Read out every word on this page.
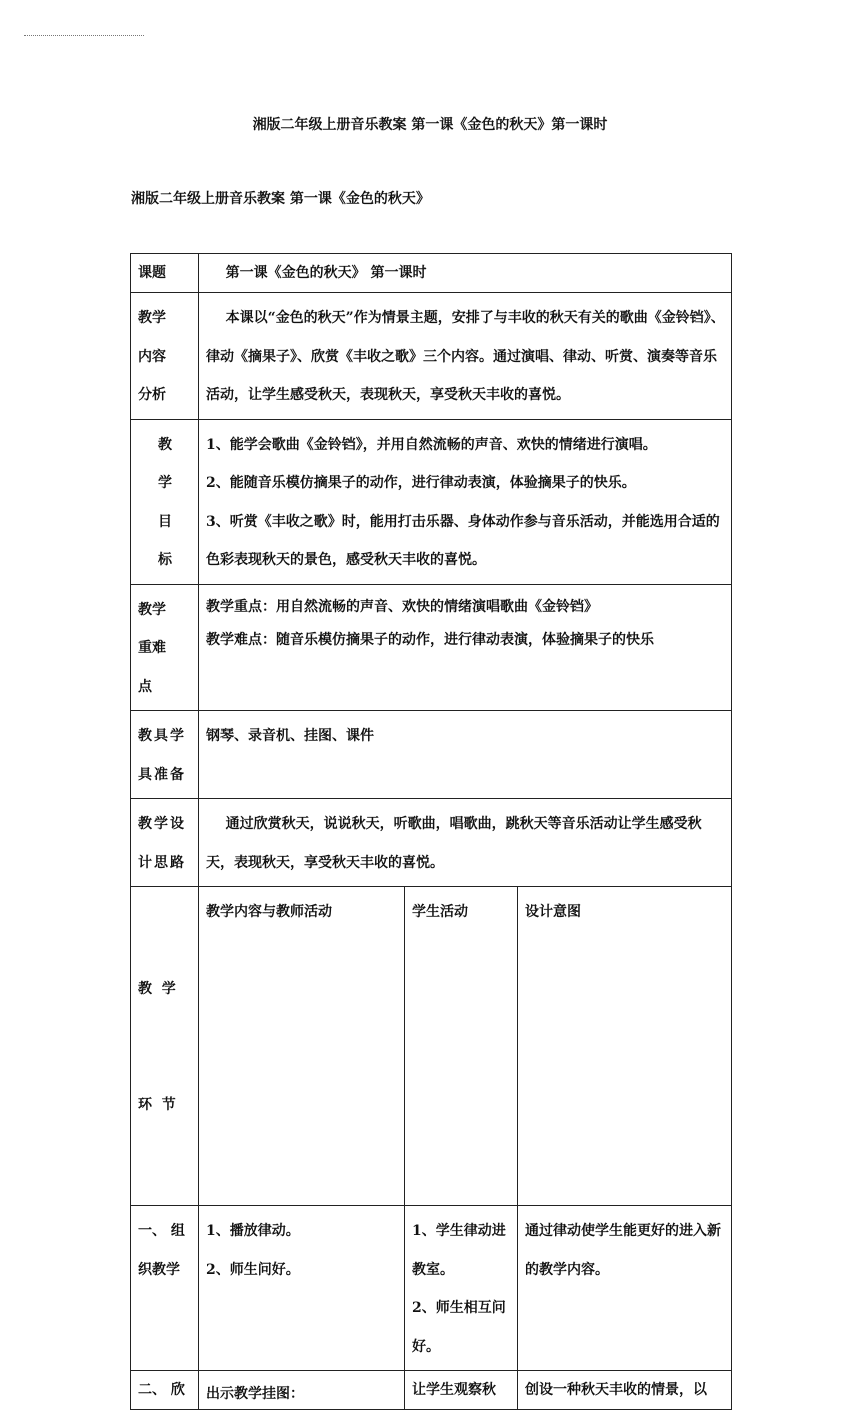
湘版二年级上册音乐教案 第一课《金色的秋天》第一课时
湘版二年级上册音乐教案 第一课《金色的秋天》
课题	第一课《金色的秋天》 第一课时		

教学
内容
分析	本课以“金色的秋天”作为情景主题，安排了与丰收的秋天有关的歌曲《金铃铛》、律动《摘果子》、欣赏《丰收之歌》三个内容。通过演唱、律动、听赏、演奏等音乐活动，让学生感受秋天，表现秋天，享受秋天丰收的喜悦。		

教
学
目
标	1、能学会歌曲《金铃铛》，并用自然流畅的声音、欢快的情绪进行演唱。
2、能随音乐模仿摘果子的动作，进行律动表演，体验摘果子的快乐。
3、听赏《丰收之歌》时，能用打击乐器、身体动作参与音乐活动，并能选用合适的色彩表现秋天的景色，感受秋天丰收的喜悦。		

教学
重难
点	教学重点：用自然流畅的声音、欢快的情绪演唱歌曲《金铃铛》
教学难点：随音乐模仿摘果子的动作，进行律动表演，体验摘果子的快乐		

教具学
具准备	钢琴、录音机、挂图、课件		

教学设
计思路	通过欣赏秋天，说说秋天，听歌曲，唱歌曲，跳秋天等音乐活动让学生感受秋天，表现秋天，享受秋天丰收的喜悦。		

教  学

环  节	教学内容与教师活动	学生活动	设计意图

一、 组
织教学	1、播放律动。
2、师生问好。	1、学生律动进教室。
2、师生相互问好。	通过律动使学生能更好的进入新的教学内容。
二、 欣	出示教学挂图：	让学生观察秋	创设一种秋天丰收的情景，以
